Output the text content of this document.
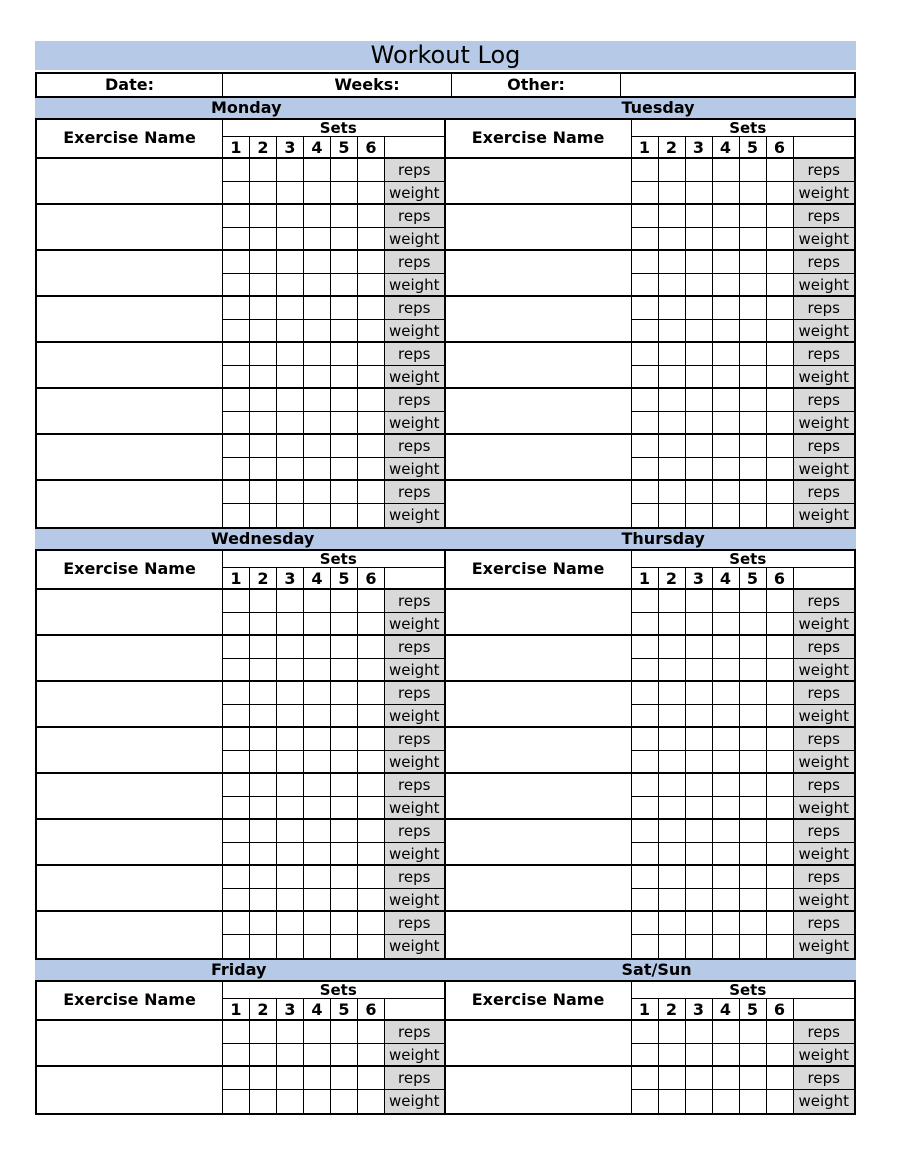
Workout Log
Date:	Weeks:	Other:
Monday	Tuesday
Exercise Name	Sets
1 2 3 4 5 6
reps
weight
reps
weight
reps
weight
reps
weight
reps
weight
reps
weight
reps
weight
reps
weight
Exercise Name	Sets
1 2 3 4 5 6
reps
weight
reps
weight
reps
weight
reps
weight
reps
weight
reps
weight
reps
weight
reps
weight
Wednesday	Thursday
Exercise Name	Sets
1 2 3 4 5 6
reps
weight
reps
weight
reps
weight
reps
weight
reps
weight
reps
weight
reps
weight
reps
weight
Exercise Name	Sets
1 2 3 4 5 6
reps
weight
reps
weight
reps
weight
reps
weight
reps
weight
reps
weight
reps
weight
reps
weight
Friday	Sat/Sun
Exercise Name	Sets
1 2 3 4 5 6
reps
weight
reps
weight
Exercise Name	Sets
1 2 3 4 5 6
reps
weight
reps
weight
